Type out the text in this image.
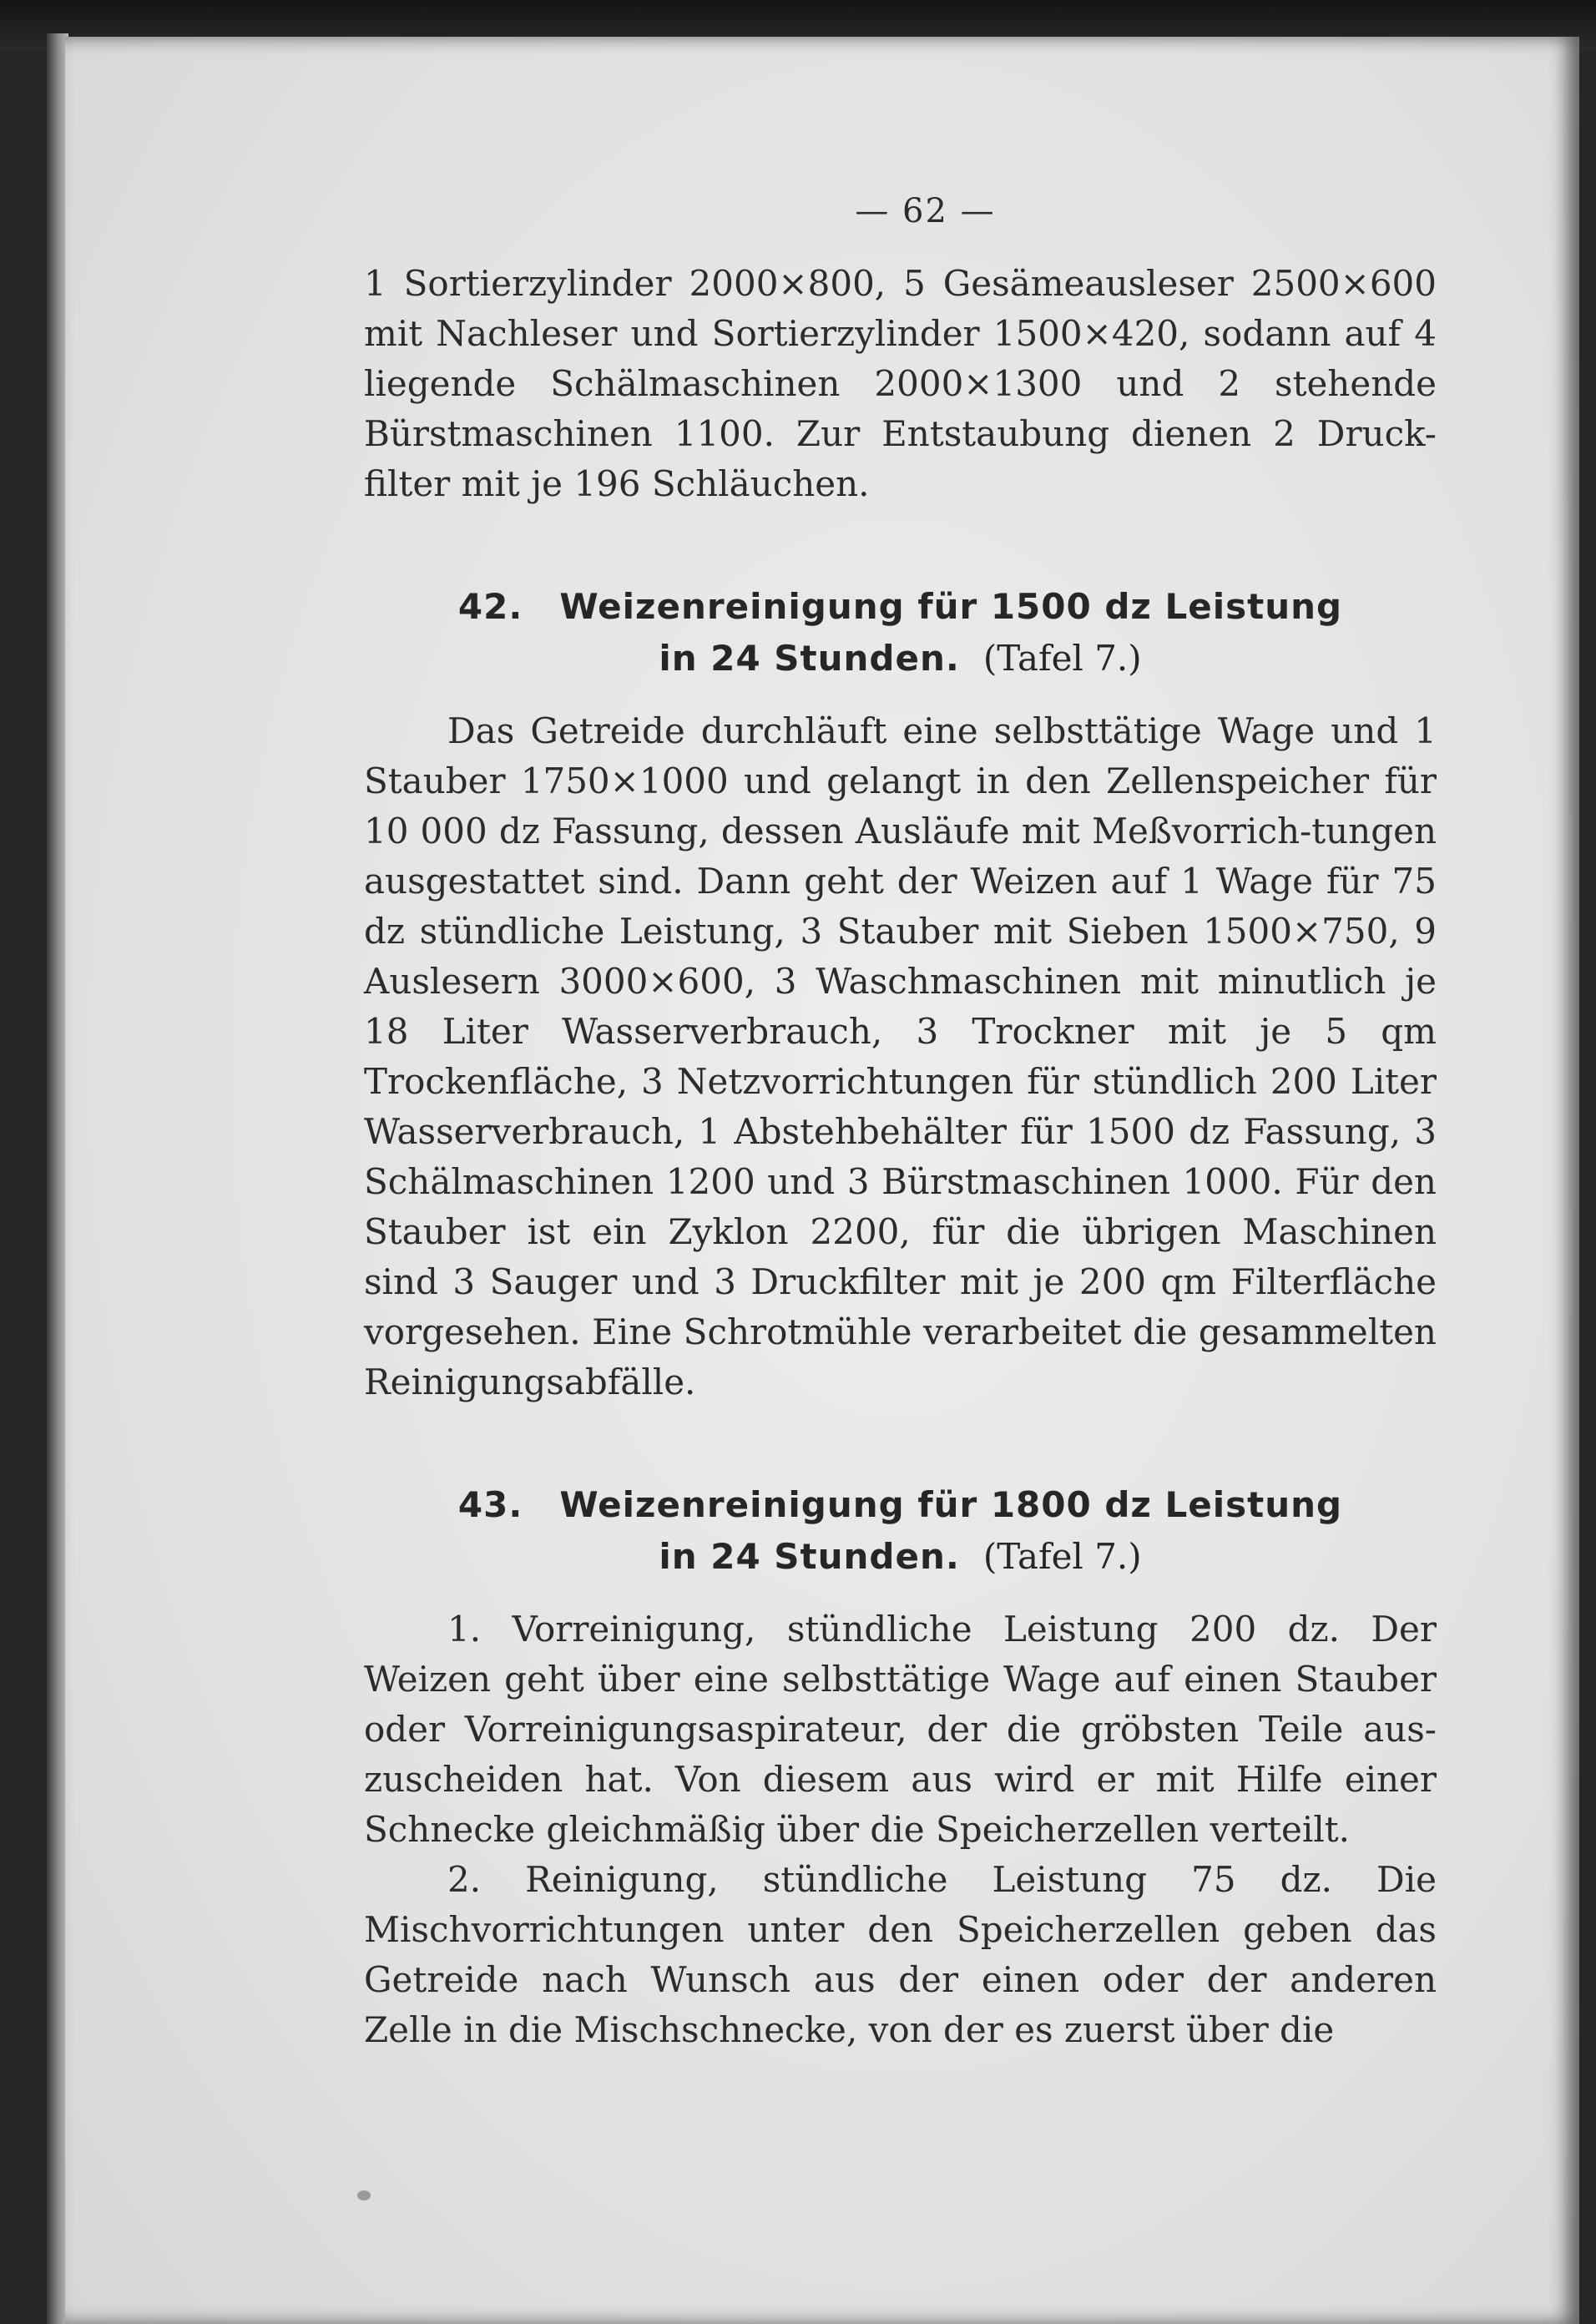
— 62 —

1 Sortierzylinder 2000×800, 5 Gesämeausleser 2500×600 mit Nachleser und Sortierzylinder 1500×420, sodann auf 4 liegende Schälmaschinen 2000×1300 und 2 stehende Bürstmaschinen 1100. Zur Entstaubung dienen 2 Druck-filter mit je 196 Schläuchen.

42. Weizenreinigung für 1500 dz Leistung
in 24 Stunden. (Tafel 7.)

Das Getreide durchläuft eine selbsttätige Wage und 1 Stauber 1750×1000 und gelangt in den Zellenspeicher für 10 000 dz Fassung, dessen Ausläufe mit Meßvorrich-tungen ausgestattet sind. Dann geht der Weizen auf 1 Wage für 75 dz stündliche Leistung, 3 Stauber mit Sieben 1500×750, 9 Auslesern 3000×600, 3 Waschmaschinen mit minutlich je 18 Liter Wasserverbrauch, 3 Trockner mit je 5 qm Trockenfläche, 3 Netzvorrichtungen für stündlich 200 Liter Wasserverbrauch, 1 Abstehbehälter für 1500 dz Fassung, 3 Schälmaschinen 1200 und 3 Bürstmaschinen 1000. Für den Stauber ist ein Zyklon 2200, für die übrigen Maschinen sind 3 Sauger und 3 Druckfilter mit je 200 qm Filterfläche vorgesehen. Eine Schrotmühle verarbeitet die gesammelten Reinigungsabfälle.

43. Weizenreinigung für 1800 dz Leistung
in 24 Stunden. (Tafel 7.)

1. Vorreinigung, stündliche Leistung 200 dz. Der Weizen geht über eine selbsttätige Wage auf einen Stauber oder Vorreinigungsaspirateur, der die gröbsten Teile aus-zuscheiden hat. Von diesem aus wird er mit Hilfe einer Schnecke gleichmäßig über die Speicherzellen verteilt.

2. Reinigung, stündliche Leistung 75 dz. Die Mischvorrichtungen unter den Speicherzellen geben das Getreide nach Wunsch aus der einen oder der anderen Zelle in die Mischschnecke, von der es zuerst über die
